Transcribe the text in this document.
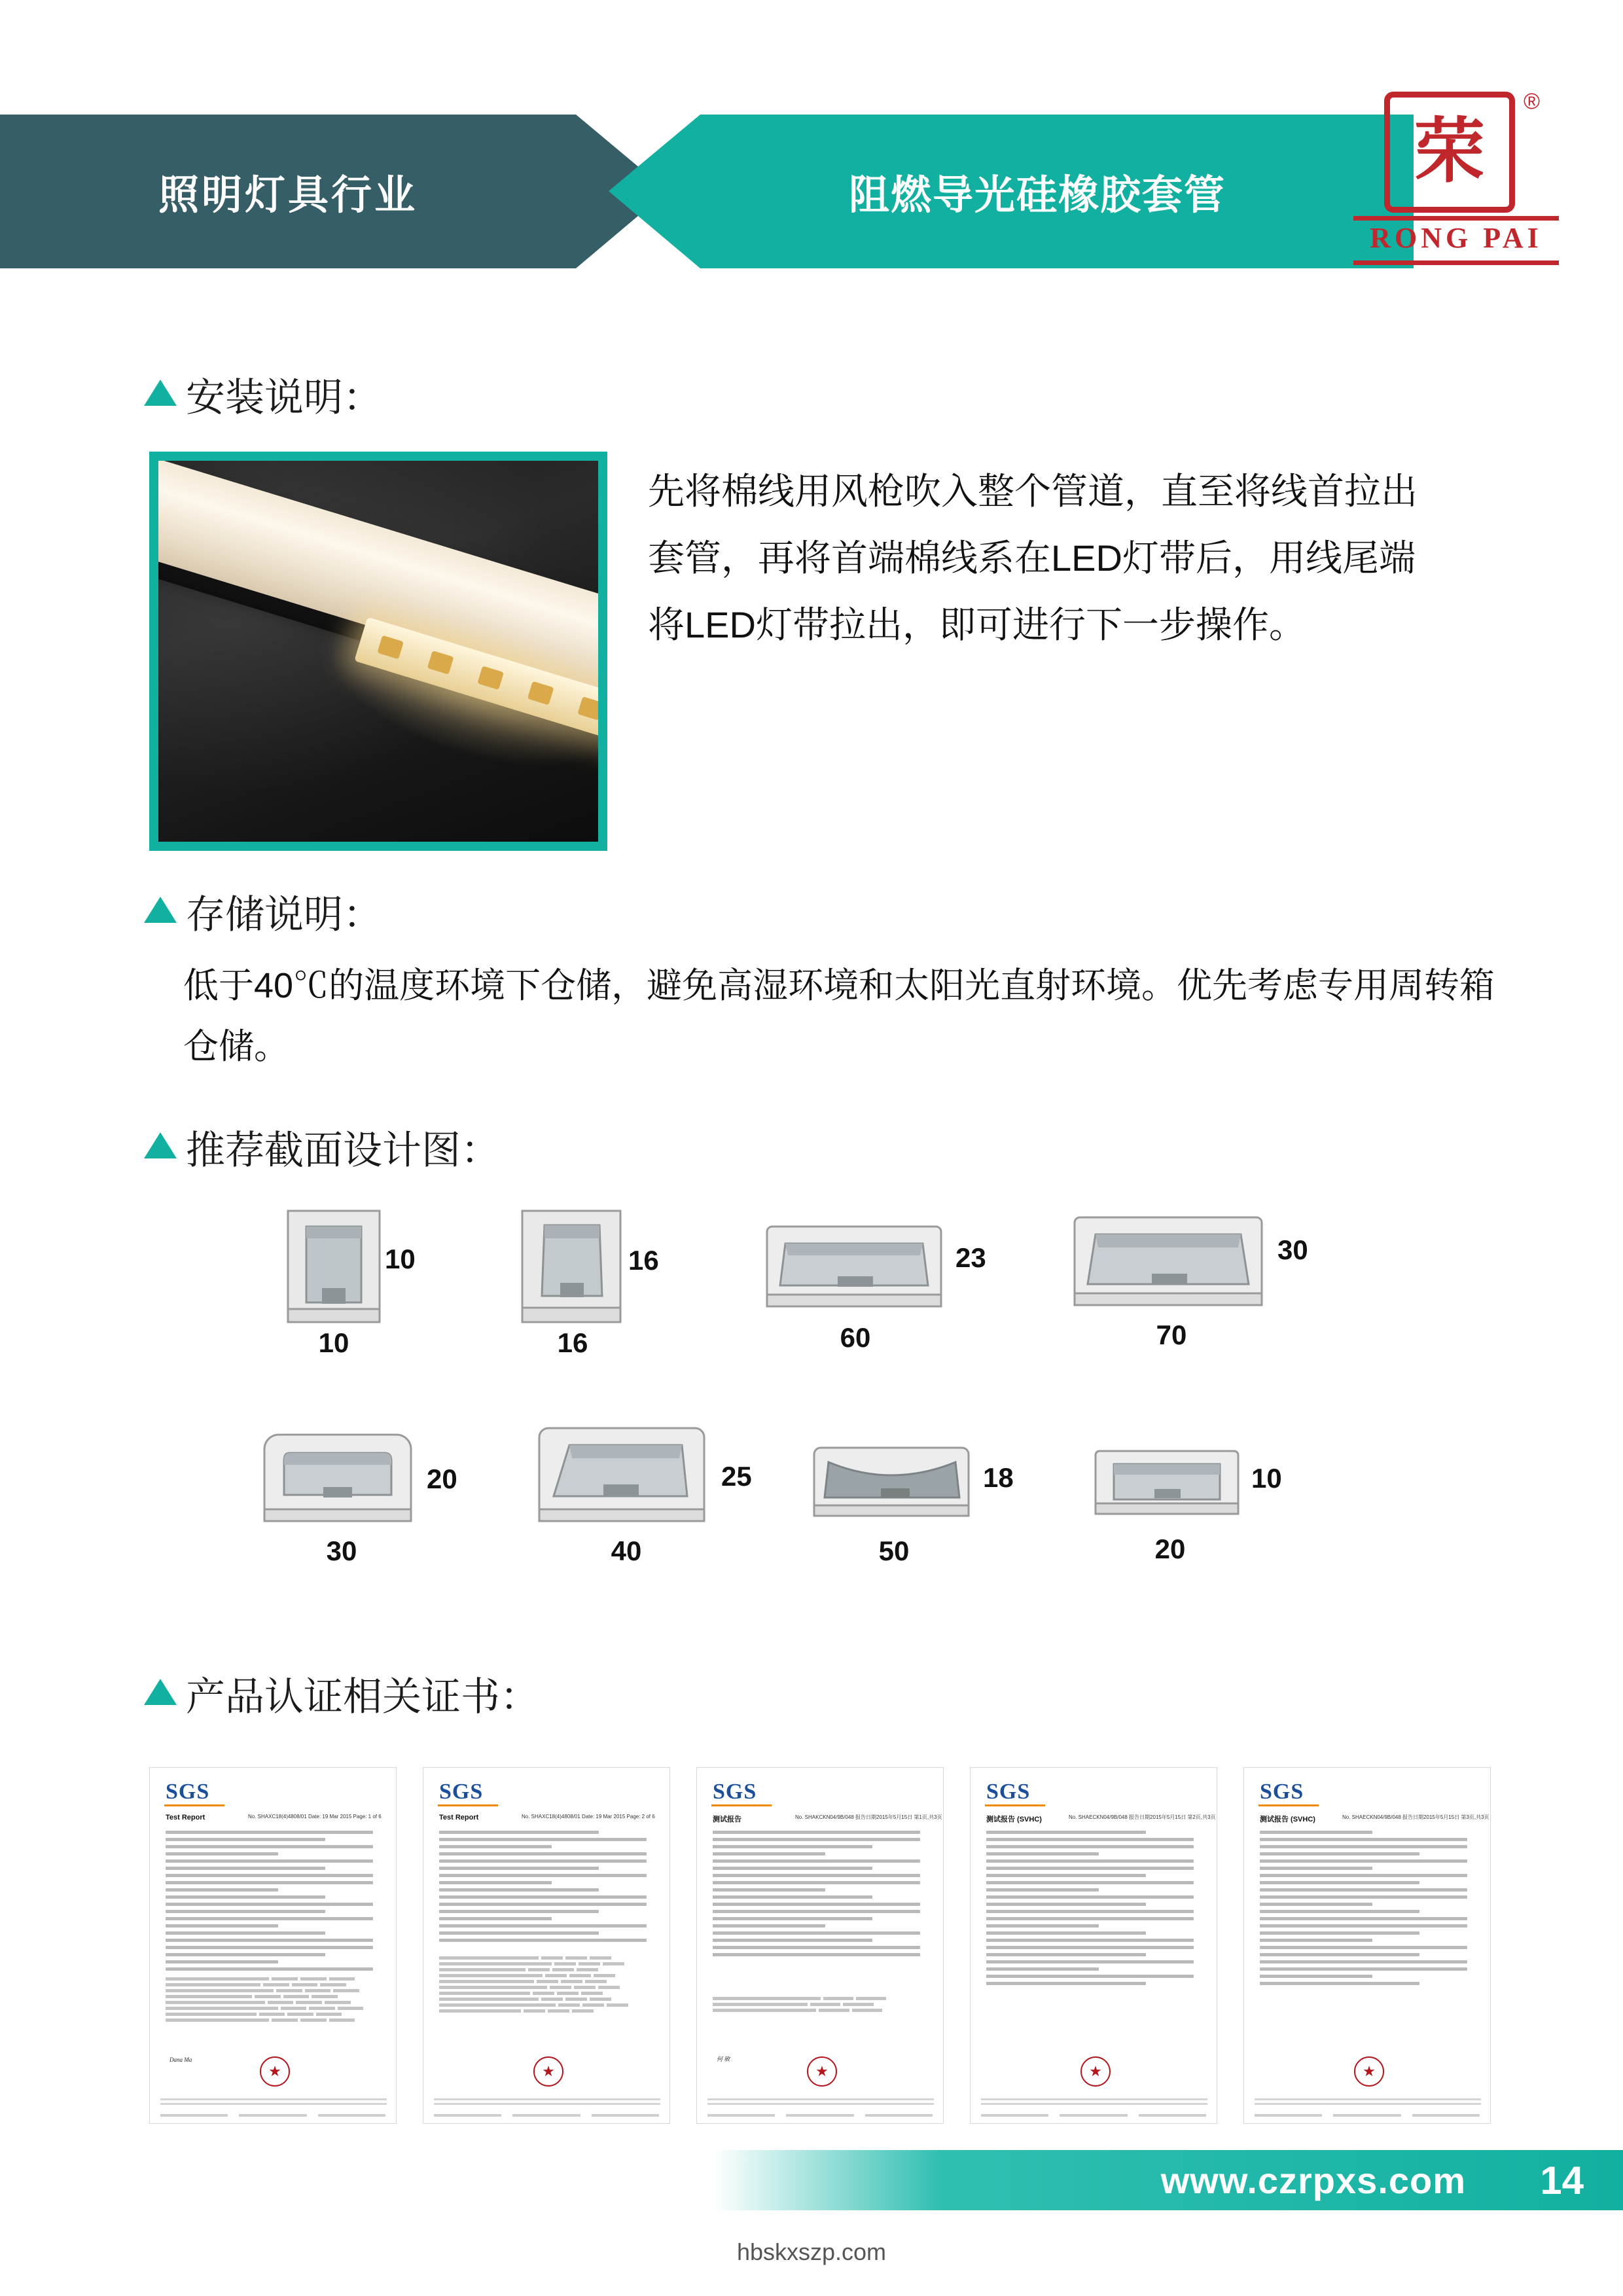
照明灯具行业	阻燃导光硅橡胶套管
荣
®
RONG PAI
安装说明：
先将棉线用风枪吹入整个管道，直至将线首拉出套管，再将首端棉线系在LED灯带后，用线尾端将LED灯带拉出，即可进行下一步操作。
存储说明：
低于40℃的温度环境下仓储，避免高湿环境和太阳光直射环境。优先考虑专用周转箱仓储。
推荐截面设计图：
10
10
16
16
23
60
30
70
20
30
25
40
18
50
10
20
产品认证相关证书：
SGS
Test Report	No. SHAXC18(4)4808/01 Date: 19 Mar 2015 Page: 1 of 6
Dana Ma
★
SGS
Test Report	No. SHAXC18(4)4808/01 Date: 19 Mar 2015 Page: 2 of 6
★
SGS
测试报告	No. SHAKCKN04/9B/048 报告日期2015年5月15日 第1页,共3页
何 敏
★
SGS
测试报告 (SVHC)	No. SHAECKN04/9B/048 报告日期2015年5月15日 第2页,共3页
★
SGS
测试报告 (SVHC)	No. SHAECKN04/9B/048 报告日期2015年5月15日 第3页,共3页
★
www.czrpxs.com 14
hbskxszp.com
